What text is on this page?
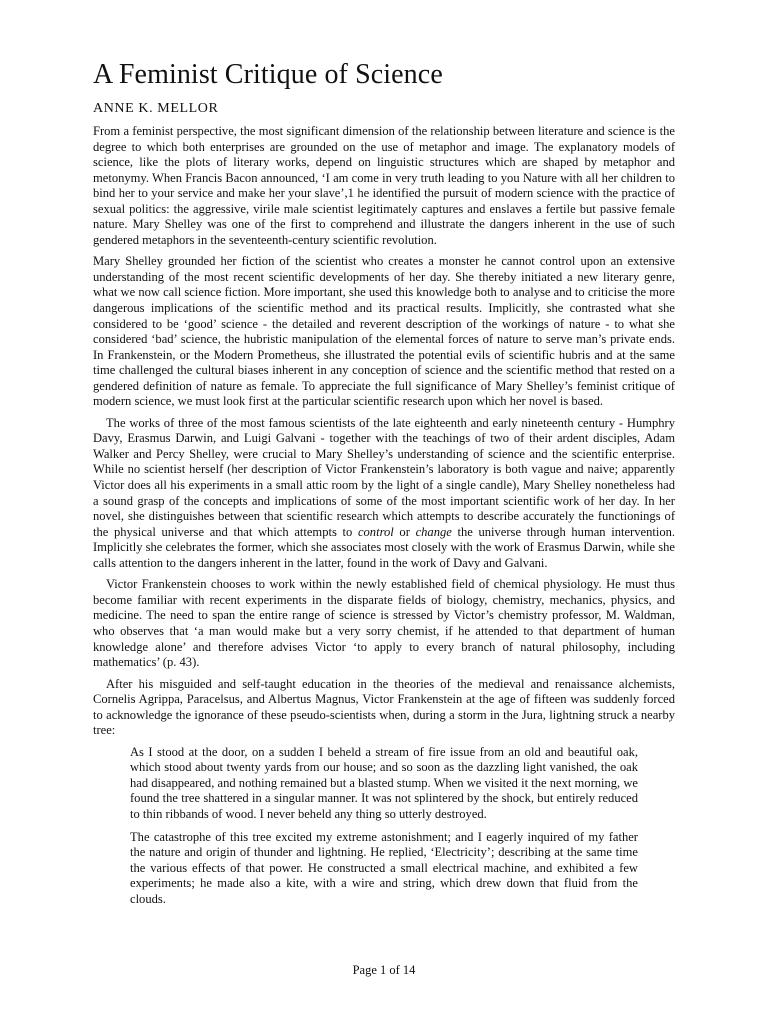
A Feminist Critique of Science
ANNE K. MELLOR

From a feminist perspective, the most significant dimension of the relationship between literature and science is the degree to which both enterprises are grounded on the use of metaphor and image. The explanatory models of science, like the plots of literary works, depend on linguistic structures which are shaped by metaphor and metonymy. When Francis Bacon announced, ‘I am come in very truth leading to you Nature with all her children to bind her to your service and make her your slave’,1 he identified the pursuit of modern science with the practice of sexual politics: the aggressive, virile male scientist legitimately captures and enslaves a fertile but passive female nature. Mary Shelley was one of the first to comprehend and illustrate the dangers inherent in the use of such gendered metaphors in the seventeenth-century scientific revolution.

Mary Shelley grounded her fiction of the scientist who creates a monster he cannot control upon an extensive understanding of the most recent scientific developments of her day. She thereby initiated a new literary genre, what we now call science fiction. More important, she used this knowledge both to analyse and to criticise the more dangerous implications of the scientific method and its practical results. Implicitly, she contrasted what she considered to be ‘good’ science - the detailed and reverent description of the workings of nature - to what she considered ‘bad’ science, the hubristic manipulation of the elemental forces of nature to serve man’s private ends. In Frankenstein, or the Modern Prometheus, she illustrated the potential evils of scientific hubris and at the same time challenged the cultural biases inherent in any conception of science and the scientific method that rested on a gendered definition of nature as female. To appreciate the full significance of Mary Shelley’s feminist critique of modern science, we must look first at the particular scientific research upon which her novel is based.

The works of three of the most famous scientists of the late eighteenth and early nineteenth century - Humphry Davy, Erasmus Darwin, and Luigi Galvani - together with the teachings of two of their ardent disciples, Adam Walker and Percy Shelley, were crucial to Mary Shelley’s understanding of science and the scientific enterprise. While no scientist herself (her description of Victor Frankenstein’s laboratory is both vague and naive; apparently Victor does all his experiments in a small attic room by the light of a single candle), Mary Shelley nonetheless had a sound grasp of the concepts and implications of some of the most important scientific work of her day. In her novel, she distinguishes between that scientific research which attempts to describe accurately the functionings of the physical universe and that which attempts to control or change the universe through human intervention. Implicitly she celebrates the former, which she associates most closely with the work of Erasmus Darwin, while she calls attention to the dangers inherent in the latter, found in the work of Davy and Galvani.

Victor Frankenstein chooses to work within the newly established field of chemical physiology. He must thus become familiar with recent experiments in the disparate fields of biology, chemistry, mechanics, physics, and medicine. The need to span the entire range of science is stressed by Victor’s chemistry professor, M. Waldman, who observes that ‘a man would make but a very sorry chemist, if he attended to that department of human knowledge alone’ and therefore advises Victor ‘to apply to every branch of natural philosophy, including mathematics’ (p. 43).

After his misguided and self-taught education in the theories of the medieval and renaissance alchemists, Cornelis Agrippa, Paracelsus, and Albertus Magnus, Victor Frankenstein at the age of fifteen was suddenly forced to acknowledge the ignorance of these pseudo-scientists when, during a storm in the Jura, lightning struck a nearby tree:

As I stood at the door, on a sudden I beheld a stream of fire issue from an old and beautiful oak, which stood about twenty yards from our house; and so soon as the dazzling light vanished, the oak had disappeared, and nothing remained but a blasted stump. When we visited it the next morning, we found the tree shattered in a singular manner. It was not splintered by the shock, but entirely reduced to thin ribbands of wood. I never beheld any thing so utterly destroyed.

The catastrophe of this tree excited my extreme astonishment; and I eagerly inquired of my father the nature and origin of thunder and lightning. He replied, ‘Electricity’; describing at the same time the various effects of that power. He constructed a small electrical machine, and exhibited a few experiments; he made also a kite, with a wire and string, which drew down that fluid from the clouds.

Page 1 of 14
